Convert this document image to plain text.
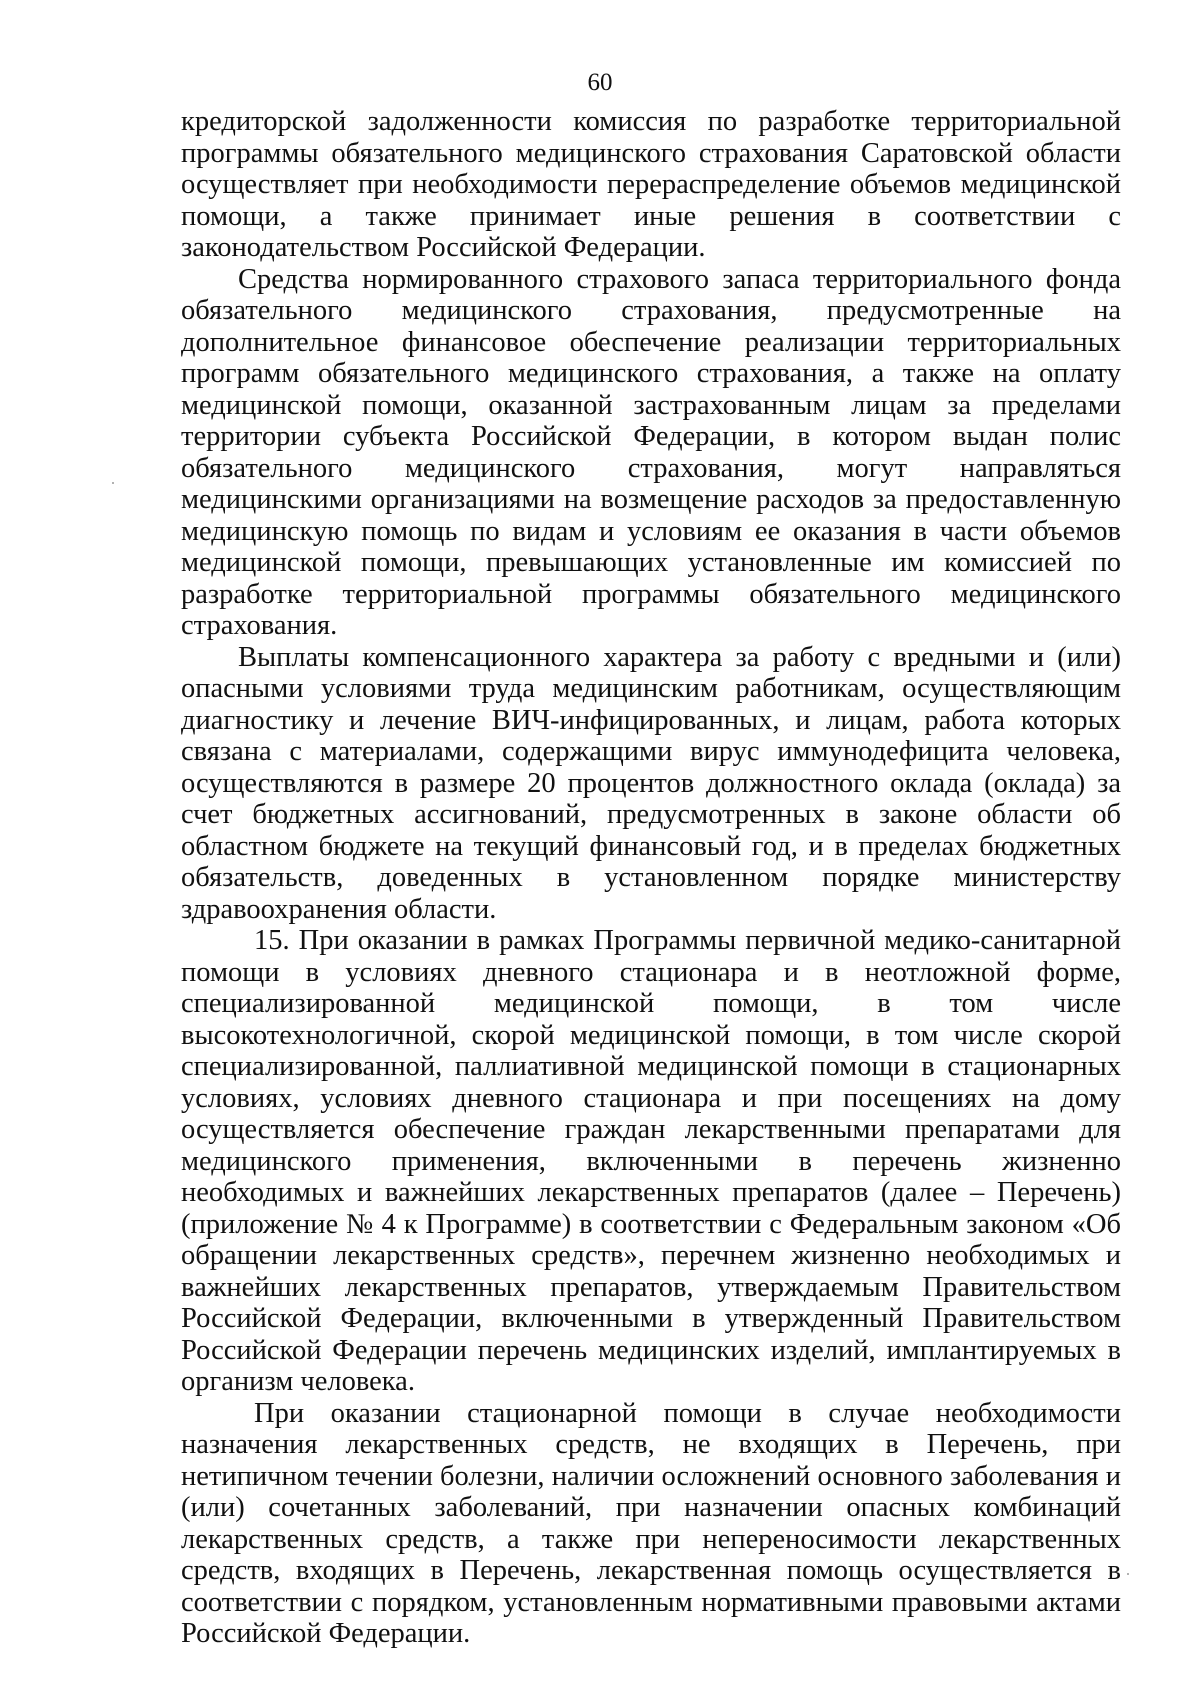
60

кредиторской задолженности комиссия по разработке территориальной программы обязательного медицинского страхования Саратовской области осуществляет при необходимости перераспределение объемов медицинской помощи, а также принимает иные решения в соответствии с законодательством Российской Федерации.

Средства нормированного страхового запаса территориального фонда обязательного медицинского страхования, предусмотренные на дополнительное финансовое обеспечение реализации территориальных программ обязательного медицинского страхования, а также на оплату медицинской помощи, оказанной застрахованным лицам за пределами территории субъекта Российской Федерации, в котором выдан полис обязательного медицинского страхования, могут направляться медицинскими организациями на возмещение расходов за предоставленную медицинскую помощь по видам и условиям ее оказания в части объемов медицинской помощи, превышающих установленные им комиссией по разработке территориальной программы обязательного медицинского страхования.

Выплаты компенсационного характера за работу с вредными и (или) опасными условиями труда медицинским работникам, осуществляющим диагностику и лечение ВИЧ-инфицированных, и лицам, работа которых связана с материалами, содержащими вирус иммунодефицита человека, осуществляются в размере 20 процентов должностного оклада (оклада) за счет бюджетных ассигнований, предусмотренных в законе области об областном бюджете на текущий финансовый год, и в пределах бюджетных обязательств, доведенных в установленном порядке министерству здравоохранения области.

15. При оказании в рамках Программы первичной медико-санитарной помощи в условиях дневного стационара и в неотложной форме, специализированной медицинской помощи, в том числе высокотехнологичной, скорой медицинской помощи, в том числе скорой специализированной, паллиативной медицинской помощи в стационарных условиях, условиях дневного стационара и при посещениях на дому осуществляется обеспечение граждан лекарственными препаратами для медицинского применения, включенными в перечень жизненно необходимых и важнейших лекарственных препаратов (далее – Перечень) (приложение № 4 к Программе) в соответствии с Федеральным законом «Об обращении лекарственных средств», перечнем жизненно необходимых и важнейших лекарственных препаратов, утверждаемым Правительством Российской Федерации, включенными в утвержденный Правительством Российской Федерации перечень медицинских изделий, имплантируемых в организм человека.

При оказании стационарной помощи в случае необходимости назначения лекарственных средств, не входящих в Перечень, при нетипичном течении болезни, наличии осложнений основного заболевания и (или) сочетанных заболеваний, при назначении опасных комбинаций лекарственных средств, а также при непереносимости лекарственных средств, входящих в Перечень, лекарственная помощь осуществляется в соответствии с порядком, установленным нормативными правовыми актами Российской Федерации.
